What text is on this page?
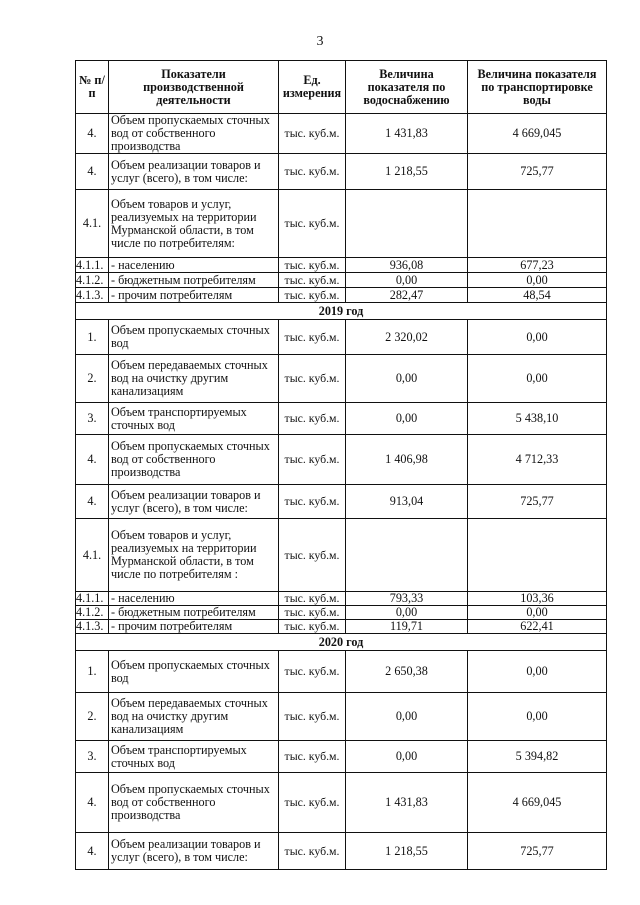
3
№ п/п	Показатели производственной деятельности	Ед. измерения	Величина показателя по водоснабжению	Величина показателя по транспортировке воды
4.	Объем пропускаемых сточных вод от собственного производства	тыс. куб.м.	1 431,83	4 669,045
4.	Объем реализации товаров и услуг (всего), в том числе:	тыс. куб.м.	1 218,55	725,77
4.1.	Объем товаров и услуг, реализуемых на территории Мурманской области, в том числе по потребителям:	тыс. куб.м.		
4.1.1.	- населению	тыс. куб.м.	936,08	677,23
4.1.2.	- бюджетным потребителям	тыс. куб.м.	0,00	0,00
4.1.3.	- прочим потребителям	тыс. куб.м.	282,47	48,54
2019 год				
1.	Объем пропускаемых сточных вод	тыс. куб.м.	2 320,02	0,00
2.	Объем передаваемых сточных вод на очистку другим канализациям	тыс. куб.м.	0,00	0,00
3.	Объем транспортируемых сточных вод	тыс. куб.м.	0,00	5 438,10
4.	Объем пропускаемых сточных вод от собственного производства	тыс. куб.м.	1 406,98	4 712,33
4.	Объем реализации товаров и услуг (всего), в том числе:	тыс. куб.м.	913,04	725,77
4.1.	Объем товаров и услуг, реализуемых на территории Мурманской области, в том числе по потребителям :	тыс. куб.м.		
4.1.1.	- населению	тыс. куб.м.	793,33	103,36
4.1.2.	- бюджетным потребителям	тыс. куб.м.	0,00	0,00
4.1.3.	- прочим потребителям	тыс. куб.м.	119,71	622,41
2020 год				
1.	Объем пропускаемых сточных вод	тыс. куб.м.	2 650,38	0,00
2.	Объем передаваемых сточных вод на очистку другим канализациям	тыс. куб.м.	0,00	0,00
3.	Объем транспортируемых сточных вод	тыс. куб.м.	0,00	5 394,82
4.	Объем пропускаемых сточных вод от собственного производства	тыс. куб.м.	1 431,83	4 669,045
4.	Объем реализации товаров и услуг (всего), в том числе:	тыс. куб.м.	1 218,55	725,77
